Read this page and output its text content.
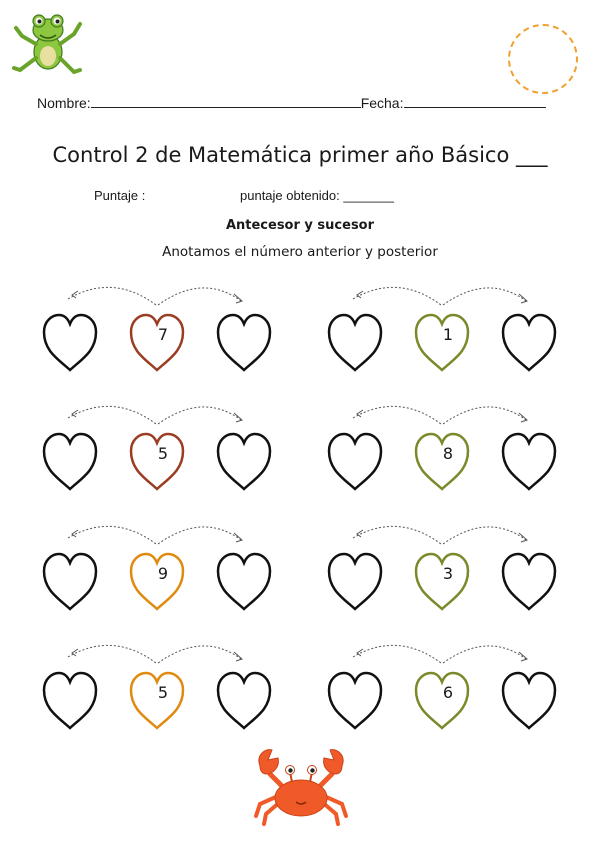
Nombre:	Fecha:
Control 2 de Matemática primer año Básico ___
Puntaje :	puntaje obtenido: _______
Antecesor y sucesor
Anotamos el número anterior y posterior
7	1
5	8
9	3
5	6
